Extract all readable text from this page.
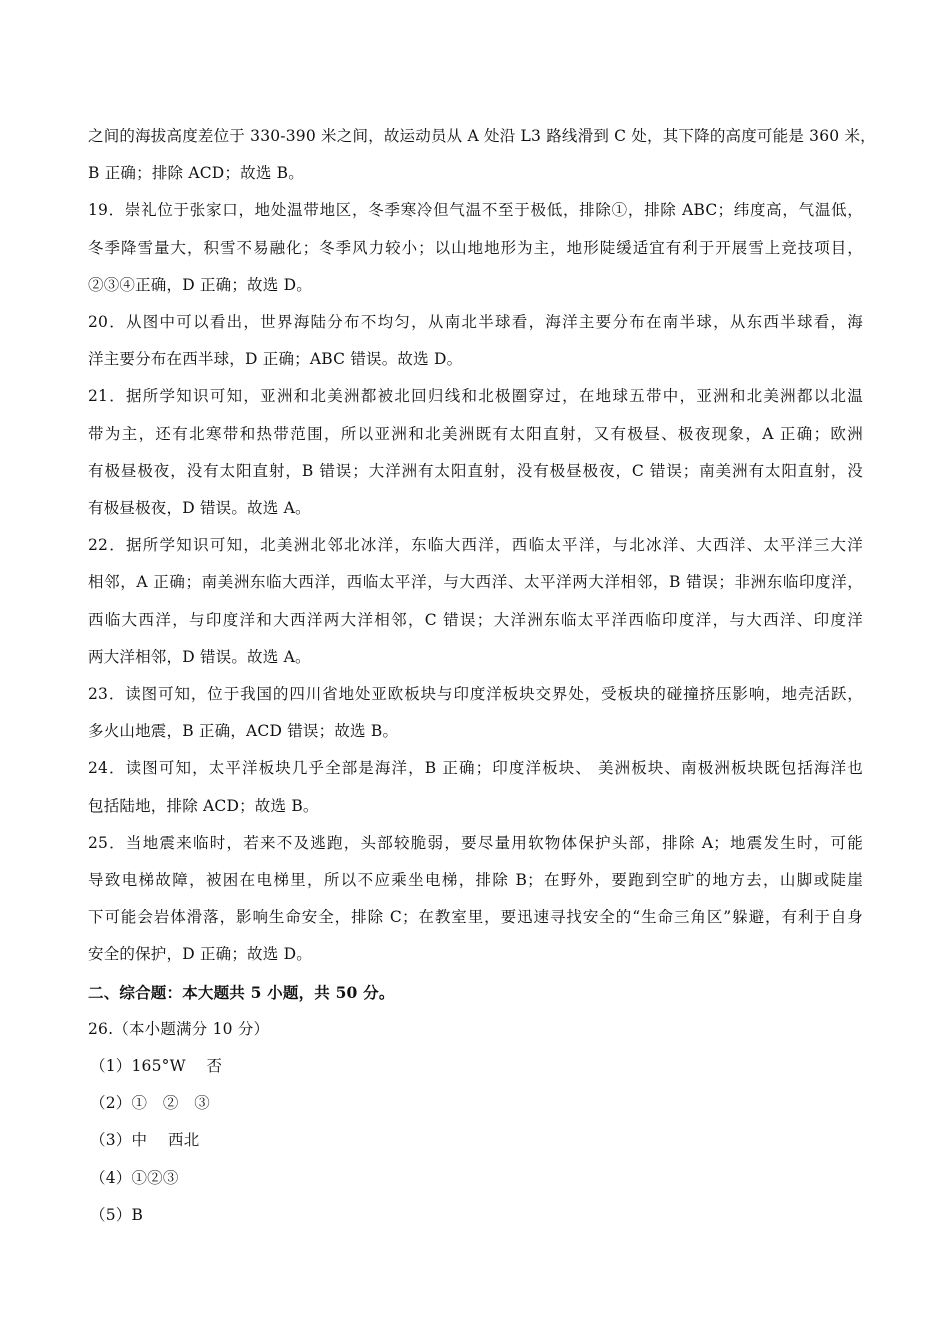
之间的海拔高度差位于 330-390 米之间，故运动员从 A 处沿 L3 路线滑到 C 处，其下降的高度可能是 360 米，
B 正确；排除 ACD；故选 B。
19．崇礼位于张家口，地处温带地区，冬季寒冷但气温不至于极低，排除①，排除 ABC；纬度高，气温低，
冬季降雪量大，积雪不易融化；冬季风力较小；以山地地形为主，地形陡缓适宜有利于开展雪上竞技项目，
②③④正确，D 正确；故选 D。
20．从图中可以看出，世界海陆分布不均匀，从南北半球看，海洋主要分布在南半球，从东西半球看，海
洋主要分布在西半球，D 正确；ABC 错误。故选 D。
21．据所学知识可知，亚洲和北美洲都被北回归线和北极圈穿过，在地球五带中，亚洲和北美洲都以北温
带为主，还有北寒带和热带范围，所以亚洲和北美洲既有太阳直射，又有极昼、极夜现象，A 正确；欧洲
有极昼极夜，没有太阳直射，B 错误；大洋洲有太阳直射，没有极昼极夜，C 错误；南美洲有太阳直射，没
有极昼极夜，D 错误。故选 A。
22．据所学知识可知，北美洲北邻北冰洋，东临大西洋，西临太平洋，与北冰洋、大西洋、太平洋三大洋
相邻，A 正确；南美洲东临大西洋，西临太平洋，与大西洋、太平洋两大洋相邻，B 错误；非洲东临印度洋，
西临大西洋，与印度洋和大西洋两大洋相邻，C 错误；大洋洲东临太平洋西临印度洋，与大西洋、印度洋
两大洋相邻，D 错误。故选 A。
23．读图可知，位于我国的四川省地处亚欧板块与印度洋板块交界处，受板块的碰撞挤压影响，地壳活跃，
多火山地震，B 正确，ACD 错误；故选 B。
24．读图可知，太平洋板块几乎全部是海洋，B 正确；印度洋板块、 美洲板块、南极洲板块既包括海洋也
包括陆地，排除 ACD；故选 B。
25．当地震来临时，若来不及逃跑，头部较脆弱，要尽量用软物体保护头部，排除 A；地震发生时，可能
导致电梯故障，被困在电梯里，所以不应乘坐电梯，排除 B；在野外，要跑到空旷的地方去，山脚或陡崖
下可能会岩体滑落，影响生命安全，排除 C；在教室里，要迅速寻找安全的“生命三角区”躲避，有利于自身
安全的保护，D 正确；故选 D。
二、综合题：本大题共 5 小题，共 50 分。
26.（本小题满分 10 分）
（1）165°W　 否
（2）①　②　③
（3）中　 西北
（4）①②③
（5）B
